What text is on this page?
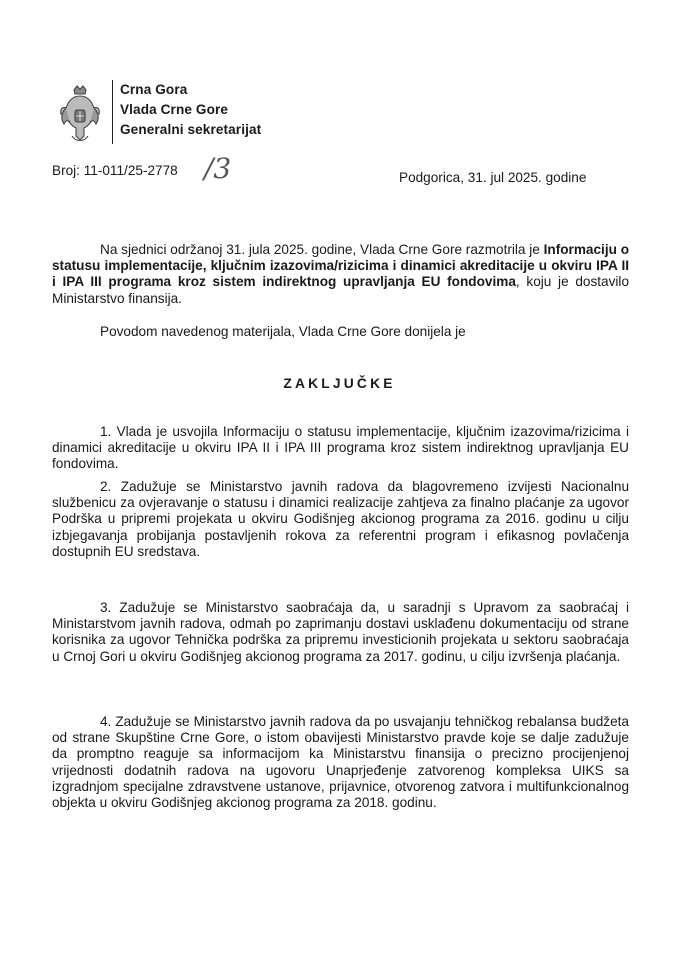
Crna Gora
Vlada Crne Gore
Generalni sekretarijat
Broj: 11-011/25-2778 /3	Podgorica, 31. jul 2025. godine
Na sjednici održanoj 31. jula 2025. godine, Vlada Crne Gore razmotrila je Informaciju o statusu implementacije, ključnim izazovima/rizicima i dinamici akreditacije u okviru IPA II i IPA III programa kroz sistem indirektnog upravljanja EU fondovima, koju je dostavilo Ministarstvo finansija.
Povodom navedenog materijala, Vlada Crne Gore donijela je
ZAKLJUČKE
1. Vlada je usvojila Informaciju o statusu implementacije, ključnim izazovima/rizicima i dinamici akreditacije u okviru IPA II i IPA III programa kroz sistem indirektnog upravljanja EU fondovima.
2. Zadužuje se Ministarstvo javnih radova da blagovremeno izvijesti Nacionalnu službenicu za ovjeravanje o statusu i dinamici realizacije zahtjeva za finalno plaćanje za ugovor Podrška u pripremi projekata u okviru Godišnjeg akcionog programa za 2016. godinu u cilju izbjegavanja probijanja postavljenih rokova za referentni program i efikasnog povlačenja dostupnih EU sredstava.
3. Zadužuje se Ministarstvo saobraćaja da, u saradnji s Upravom za saobraćaj i Ministarstvom javnih radova, odmah po zaprimanju dostavi usklađenu dokumentaciju od strane korisnika za ugovor Tehnička podrška za pripremu investicionih projekata u sektoru saobraćaja u Crnoj Gori u okviru Godišnjeg akcionog programa za 2017. godinu, u cilju izvršenja plaćanja.
4. Zadužuje se Ministarstvo javnih radova da po usvajanju tehničkog rebalansa budžeta od strane Skupštine Crne Gore, o istom obavijesti Ministarstvo pravde koje se dalje zadužuje da promptno reaguje sa informacijom ka Ministarstvu finansija o precizno procijenjenoj vrijednosti dodatnih radova na ugovoru Unaprjeđenje zatvorenog kompleksa UIKS sa izgradnjom specijalne zdravstvene ustanove, prijavnice, otvorenog zatvora i multifunkcionalnog objekta u okviru Godišnjeg akcionog programa za 2018. godinu.
